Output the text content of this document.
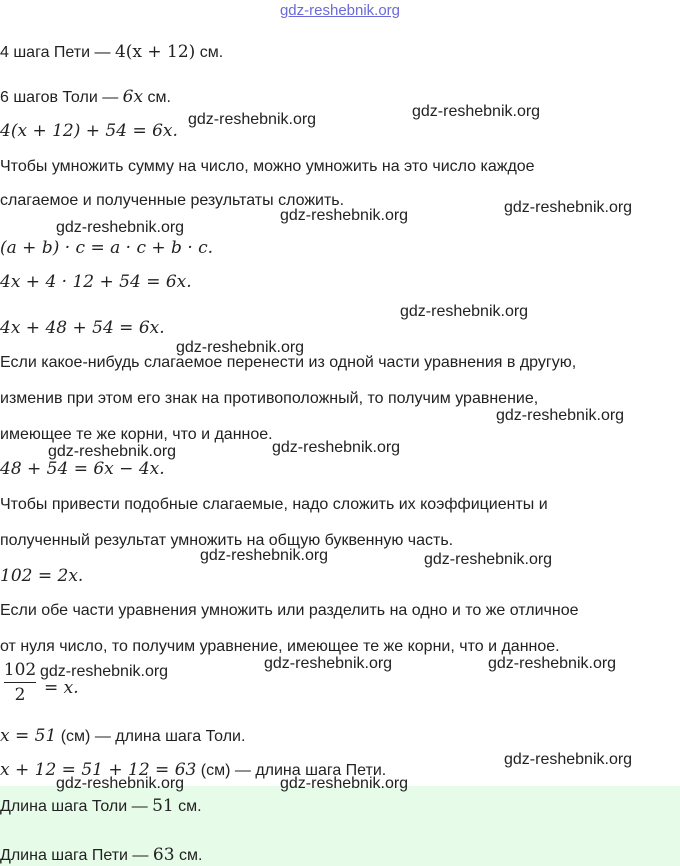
gdz-reshebnik.org
4 шага Пети — 4(x + 12) см.
6 шагов Толи — 6x см.
4(x + 12) + 54 = 6x.
Чтобы умножить сумму на число, можно умножить на это число каждое
слагаемое и полученные результаты сложить.
(a + b) · c = a · c + b · c.
4x + 4 · 12 + 54 = 6x.
4x + 48 + 54 = 6x.
Если какое-нибудь слагаемое перенести из одной части уравнения в другую,
изменив при этом его знак на противоположный, то получим уравнение,
имеющее те же корни, что и данное.
48 + 54 = 6x − 4x.
Чтобы привести подобные слагаемые, надо сложить их коэффициенты и
полученный результат умножить на общую буквенную часть.
102 = 2x.
Если обе части уравнения умножить или разделить на одно и то же отличное
от нуля число, то получим уравнение, имеющее те же корни, что и данное.
102
2	= x.
x = 51 (см) — длина шага Толи.
x + 12 = 51 + 12 = 63 (см) — длина шага Пети.
Длина шага Толи — 51 см.
Длина шага Пети — 63 см.
gdz-reshebnik.org	gdz-reshebnik.org
gdz-reshebnik.org	gdz-reshebnik.org
gdz-reshebnik.org
gdz-reshebnik.org
gdz-reshebnik.org
gdz-reshebnik.org
gdz-reshebnik.org
gdz-reshebnik.org
gdz-reshebnik.org	gdz-reshebnik.org
gdz-reshebnik.org	gdz-reshebnik.org	gdz-reshebnik.org
gdz-reshebnik.org
gdz-reshebnik.org	gdz-reshebnik.org
